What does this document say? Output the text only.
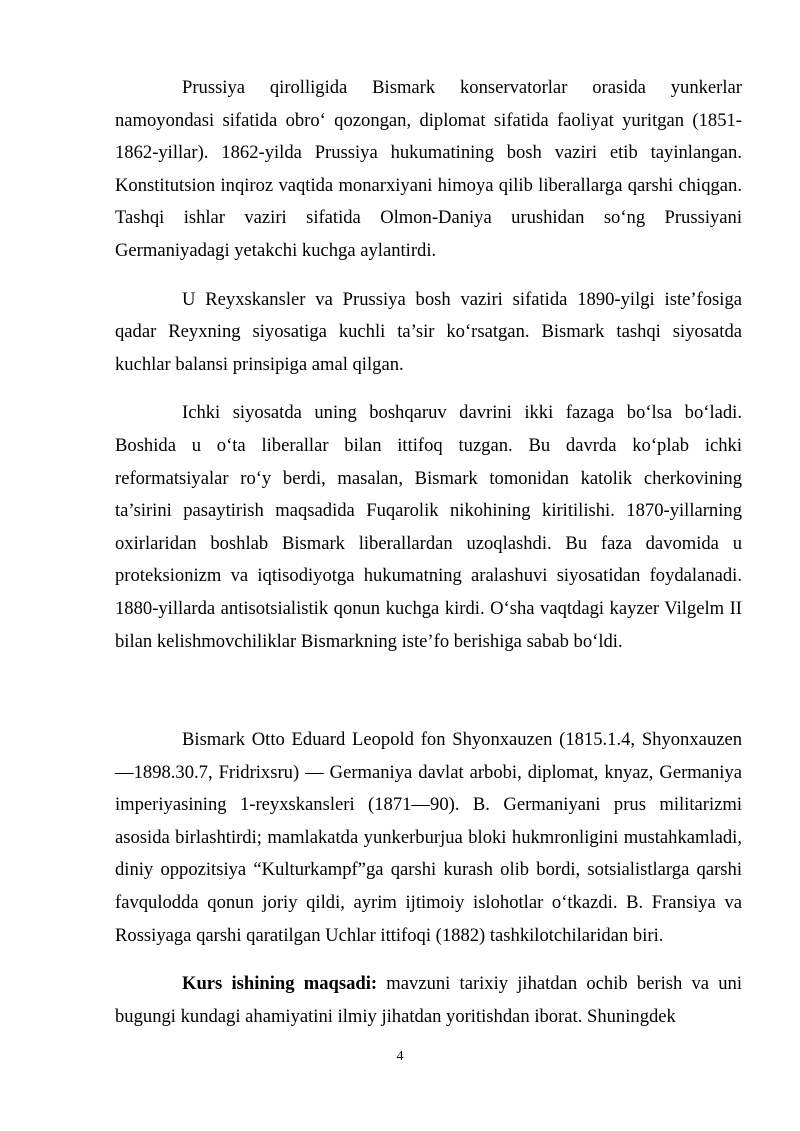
Prussiya qirolligida Bismark konservatorlar orasida yunkerlar namoyondasi sifatida obro‘ qozongan, diplomat sifatida faoliyat yuritgan (1851-1862-yillar). 1862-yilda Prussiya hukumatining bosh vaziri etib tayinlangan. Konstitutsion inqiroz vaqtida monarxiyani himoya qilib liberallarga qarshi chiqgan. Tashqi ishlar vaziri sifatida Olmon-Daniya urushidan so‘ng Prussiyani Germaniyadagi yetakchi kuchga aylantirdi.

U Reyxskansler va Prussiya bosh vaziri sifatida 1890-yilgi iste’fosiga qadar Reyxning siyosatiga kuchli ta’sir ko‘rsatgan. Bismark tashqi siyosatda kuchlar balansi prinsipiga amal qilgan.

Ichki siyosatda uning boshqaruv davrini ikki fazaga bo‘lsa bo‘ladi. Boshida u o‘ta liberallar bilan ittifoq tuzgan. Bu davrda ko‘plab ichki reformatsiyalar ro‘y berdi, masalan, Bismark tomonidan katolik cherkovining ta’sirini pasaytirish maqsadida Fuqarolik nikohining kiritilishi. 1870-yillarning oxirlaridan boshlab Bismark liberallardan uzoqlashdi. Bu faza davomida u proteksionizm va iqtisodiyotga hukumatning aralashuvi siyosatidan foydalanadi. 1880-yillarda antisotsialistik qonun kuchga kirdi. O‘sha vaqtdagi kayzer Vilgelm II bilan kelishmovchiliklar Bismarkning iste’fo berishiga sabab bo‘ldi.

Bismark Otto Eduard Leopold fon Shyonxauzen (1815.1.4, Shyonxauzen —1898.30.7, Fridrixsru) — Germaniya davlat arbobi, diplomat, knyaz, Germaniya imperiyasining 1-reyxskansleri (1871—90). B. Germaniyani prus militarizmi asosida birlashtirdi; mamlakatda yunkerburjua bloki hukmronligini mustahkamladi, diniy oppozitsiya “Kulturkampf”ga qarshi kurash olib bordi, sotsialistlarga qarshi favqulodda qonun joriy qildi, ayrim ijtimoiy islohotlar o‘tkazdi. B. Fransiya va Rossiyaga qarshi qaratilgan Uchlar ittifoqi (1882) tashkilotchilaridan biri.

Kurs ishining maqsadi: mavzuni tarixiy jihatdan ochib berish va uni bugungi kundagi ahamiyatini ilmiy jihatdan yoritishdan iborat. Shuningdek

4
